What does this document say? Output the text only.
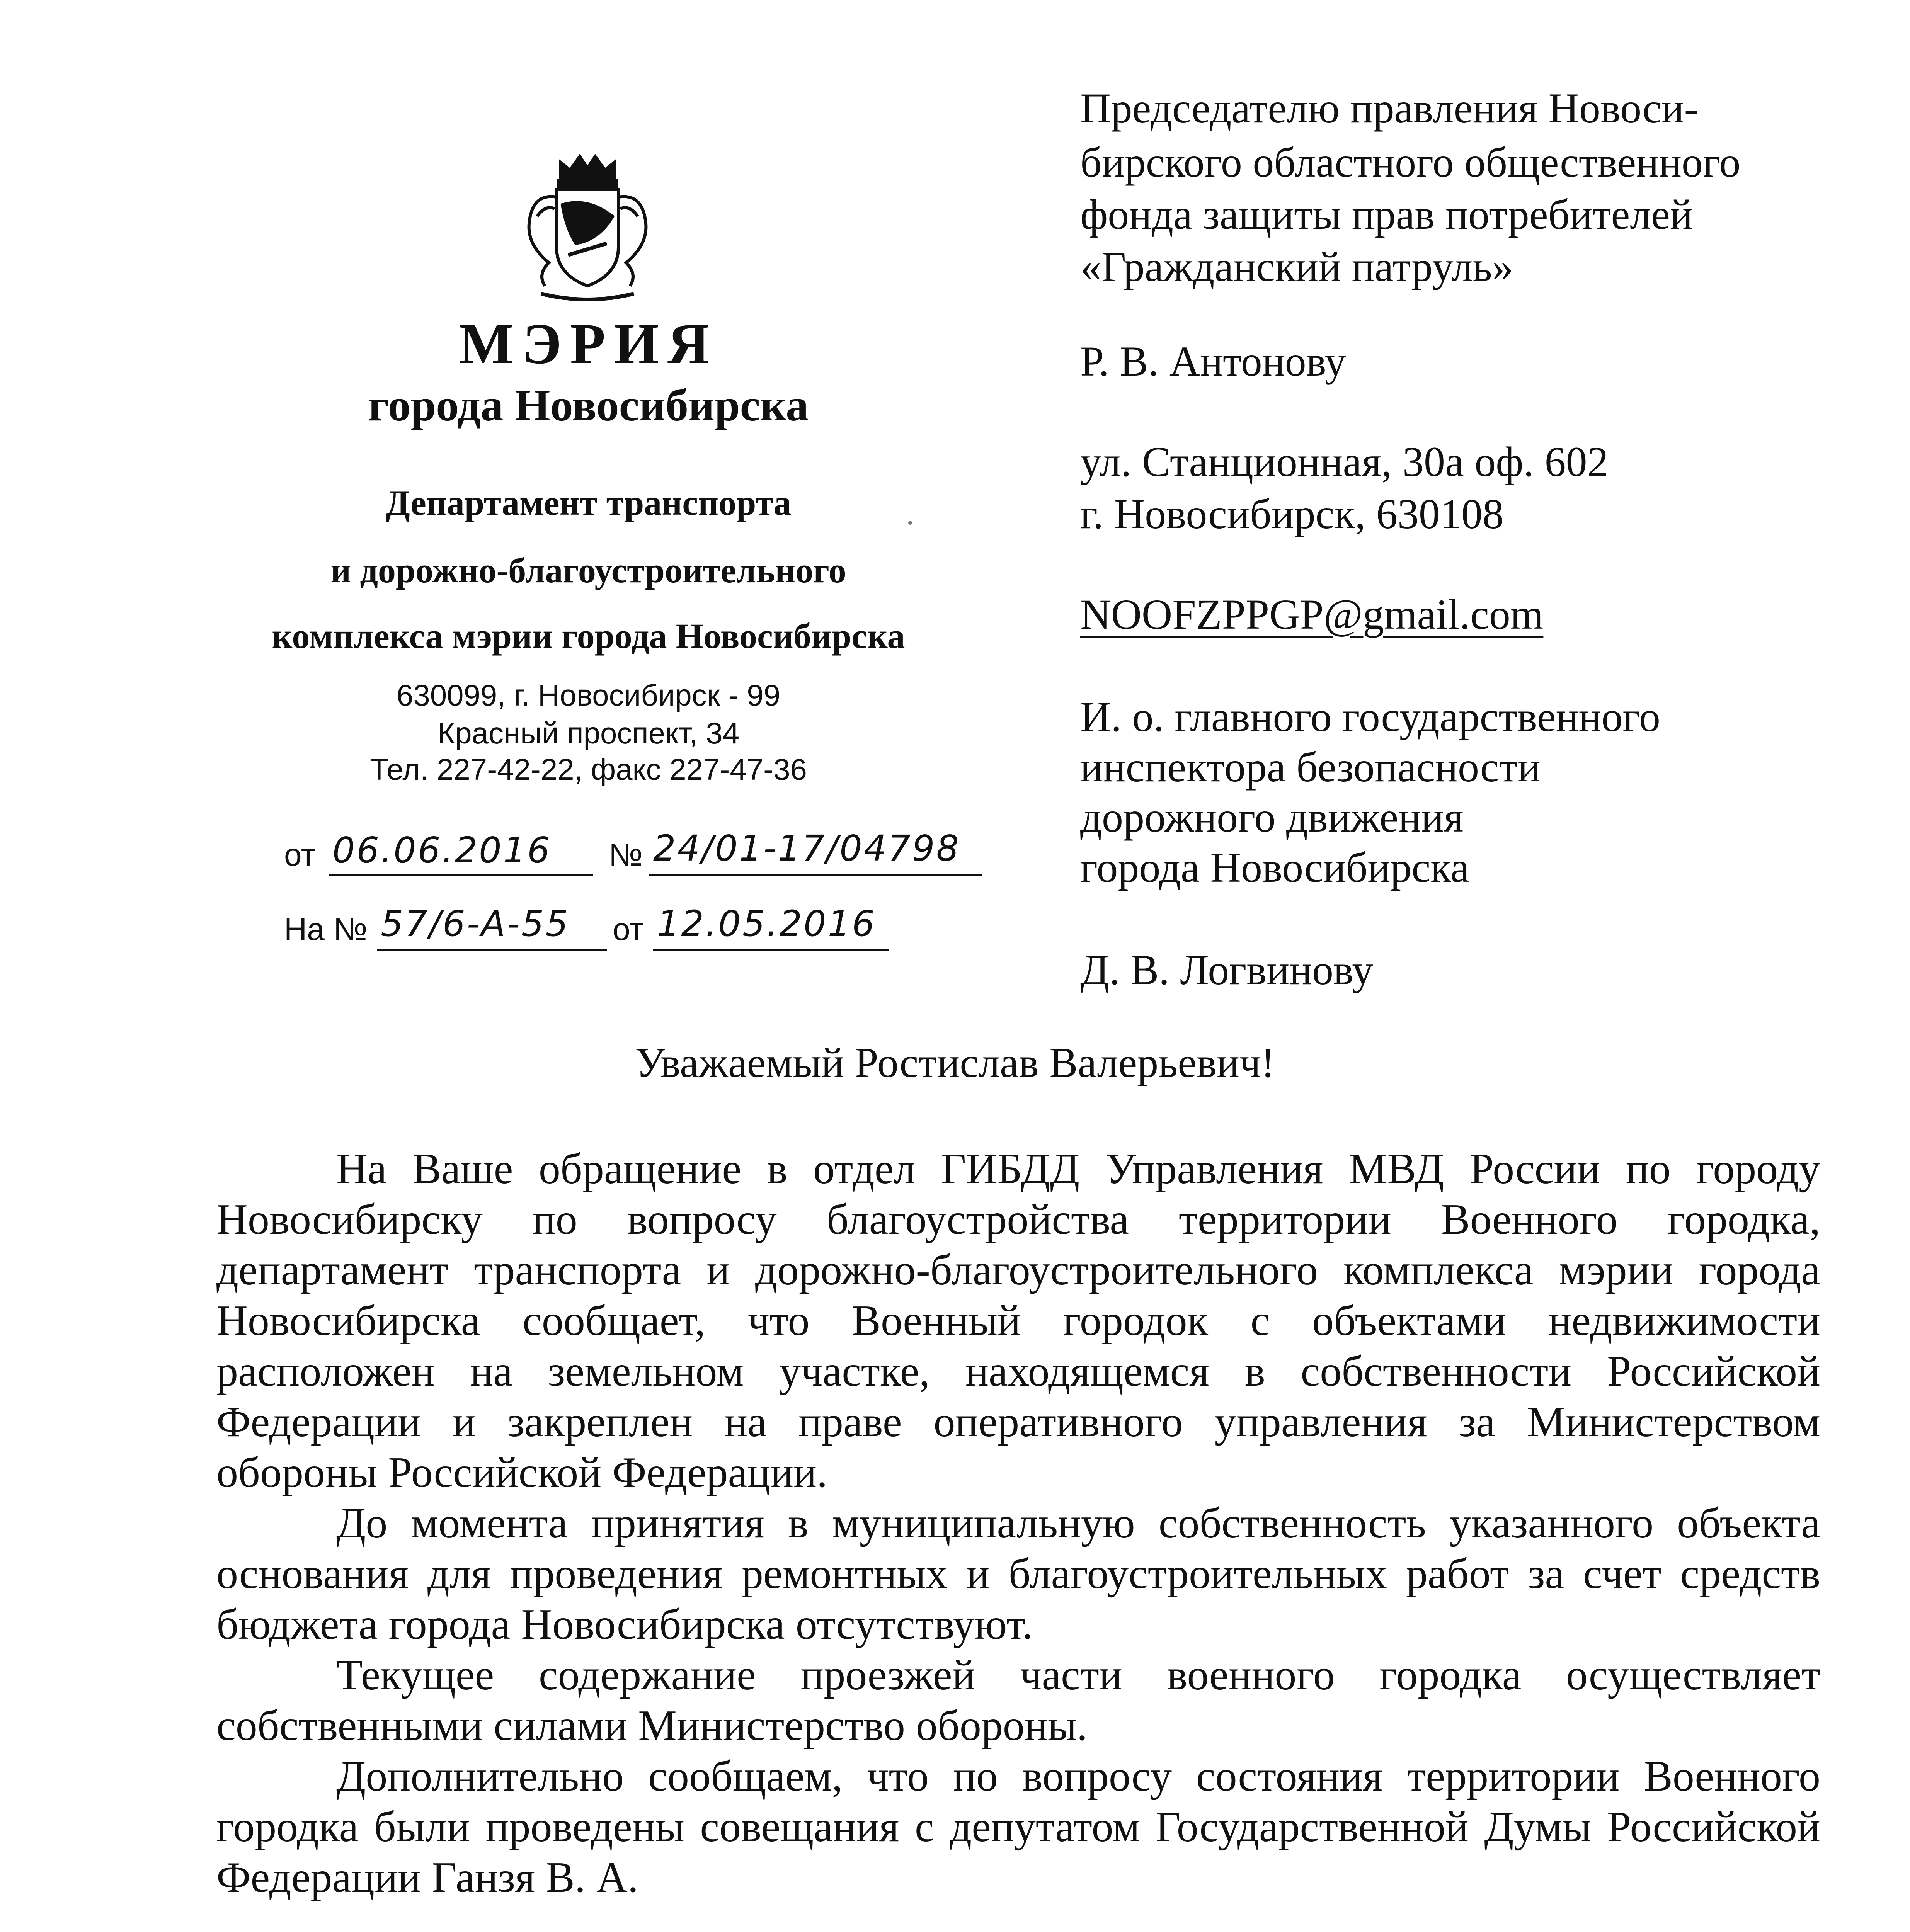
МЭРИЯ
города Новосибирска
Департамент транспорта
и дорожно-благоустроительного
комплекса мэрии города Новосибирска
630099, г. Новосибирск - 99
Красный проспект, 34
Тел. 227-42-22, факс 227-47-36
от 06.06.2016 № 24/01-17/04798
На № 57/6-А-55 от 12.05.2016
Председателю правления Новоси-
бирского областного общественного
фонда защиты прав потребителей
«Гражданский патруль»
Р. В. Антонову
ул. Станционная, 30а оф. 602
г. Новосибирск, 630108
NOOFZPPGP@gmail.com
И. о. главного государственного
инспектора безопасности
дорожного движения
города Новосибирска
Д. В. Логвинову
Уважаемый Ростислав Валерьевич!

На Ваше обращение в отдел ГИБДД Управления МВД России по городу Новосибирску по вопросу благоустройства территории Военного городка, департамент транспорта и дорожно-благоустроительного комплекса мэрии города Новосибирска сообщает, что Военный городок с объектами недвижимости расположен на земельном участке, находящемся в собственности Российской Федерации и закреплен на праве оперативного управления за Министерством обороны Российской Федерации.

До момента принятия в муниципальную собственность указанного объекта основания для проведения ремонтных и благоустроительных работ за счет средств бюджета города Новосибирска отсутствуют.

Текущее содержание проезжей части военного городка осуществляет собственными силами Министерство обороны.

Дополнительно сообщаем, что по вопросу состояния территории Военного городка были проведены совещания с депутатом Государственной Думы Российской Федерации Ганзя В. А.
